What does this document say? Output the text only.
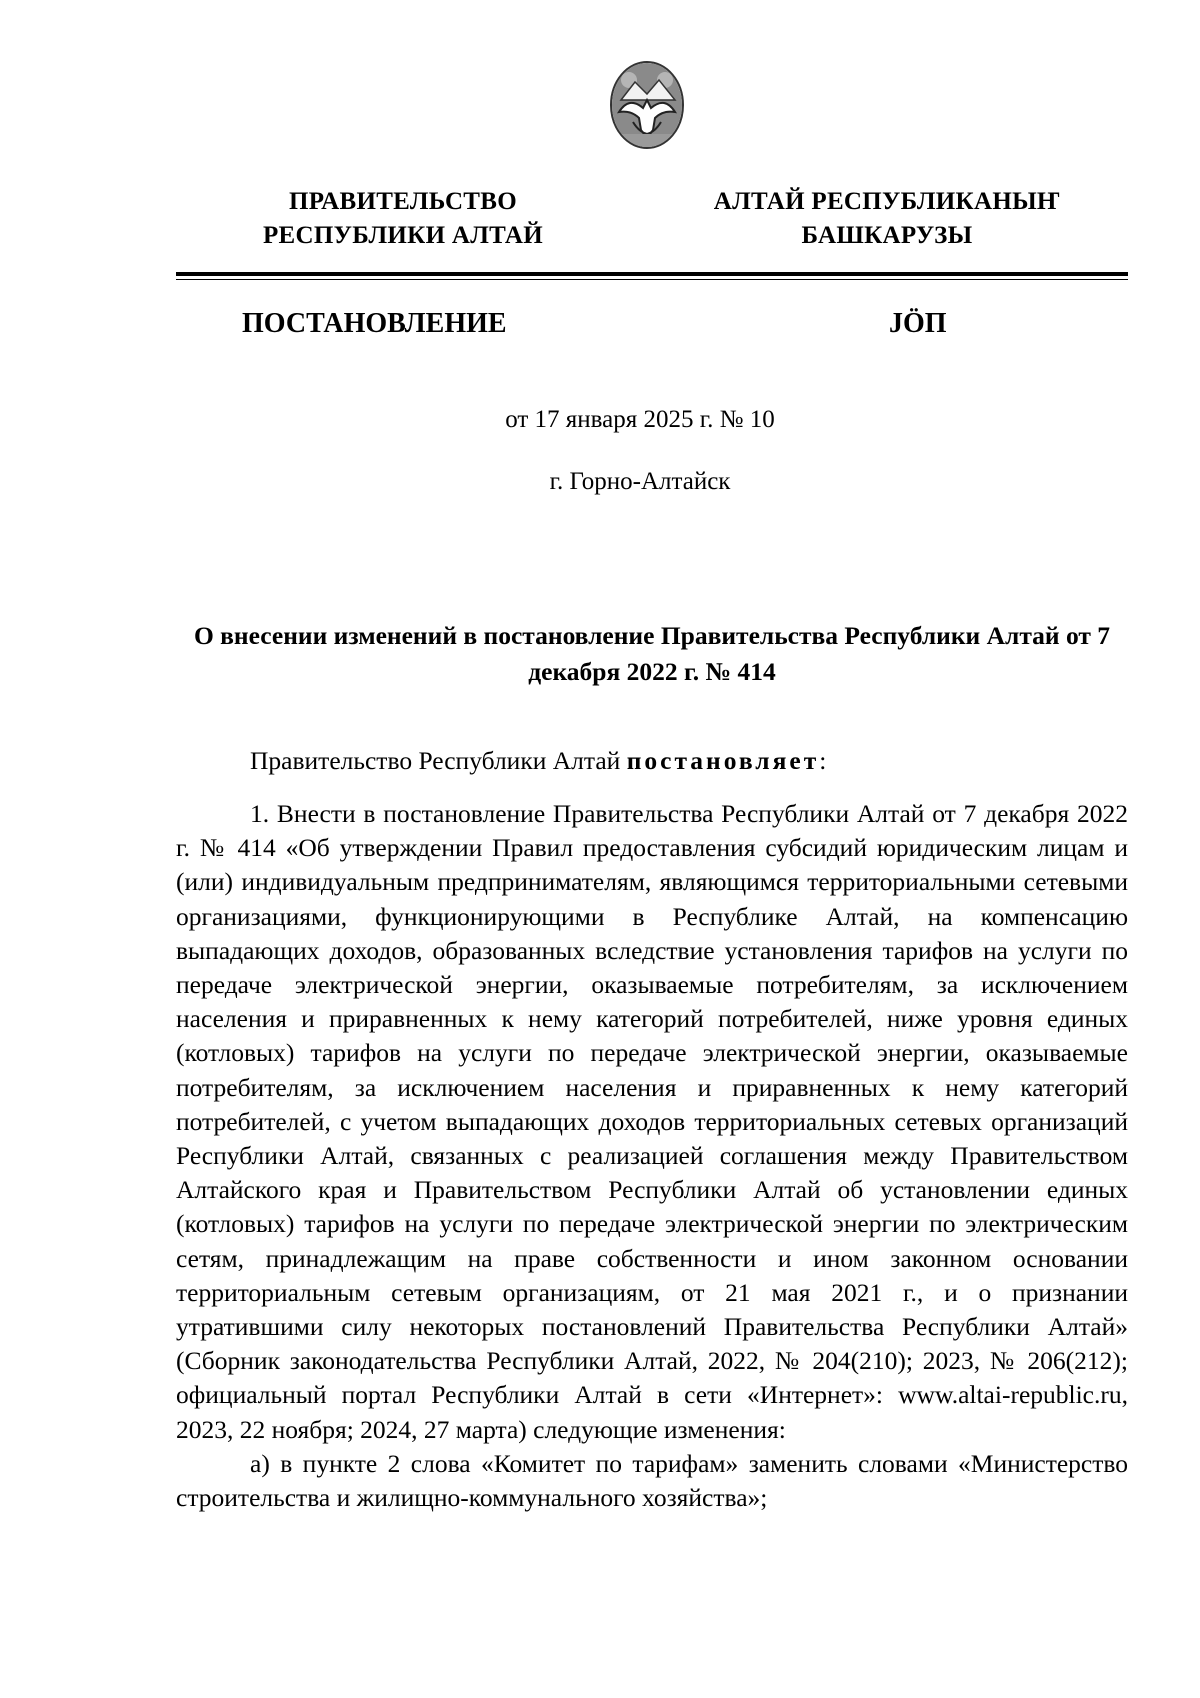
ПРАВИТЕЛЬСТВО
РЕСПУБЛИКИ АЛТАЙ
АЛТАЙ РЕСПУБЛИКАНЫҤ
БАШКАРУЗЫ
ПОСТАНОВЛЕНИЕ	JӦП
от 17 января 2025 г. № 10
г. Горно-Алтайск
О внесении изменений в постановление Правительства Республики Алтай от 7 декабря 2022 г. № 414
Правительство Республики Алтай постановляет:

1. Внести в постановление Правительства Республики Алтай от 7 декабря 2022 г. № 414 «Об утверждении Правил предоставления субсидий юридическим лицам и (или) индивидуальным предпринимателям, являющимся территориальными сетевыми организациями, функционирующими в Республике Алтай, на компенсацию выпадающих доходов, образованных вследствие установления тарифов на услуги по передаче электрической энергии, оказываемые потребителям, за исключением населения и приравненных к нему категорий потребителей, ниже уровня единых (котловых) тарифов на услуги по передаче электрической энергии, оказываемые потребителям, за исключением населения и приравненных к нему категорий потребителей, с учетом выпадающих доходов территориальных сетевых организаций Республики Алтай, связанных с реализацией соглашения между Правительством Алтайского края и Правительством Республики Алтай об установлении единых (котловых) тарифов на услуги по передаче электрической энергии по электрическим сетям, принадлежащим на праве собственности и ином законном основании территориальным сетевым организациям, от 21 мая 2021 г., и о признании утратившими силу некоторых постановлений Правительства Республики Алтай» (Сборник законодательства Республики Алтай, 2022, № 204(210); 2023, № 206(212); официальный портал Республики Алтай в сети «Интернет»: www.altai-republic.ru, 2023, 22 ноября; 2024, 27 марта) следующие изменения:

а) в пункте 2 слова «Комитет по тарифам» заменить словами «Министерство строительства и жилищно-коммунального хозяйства»;
